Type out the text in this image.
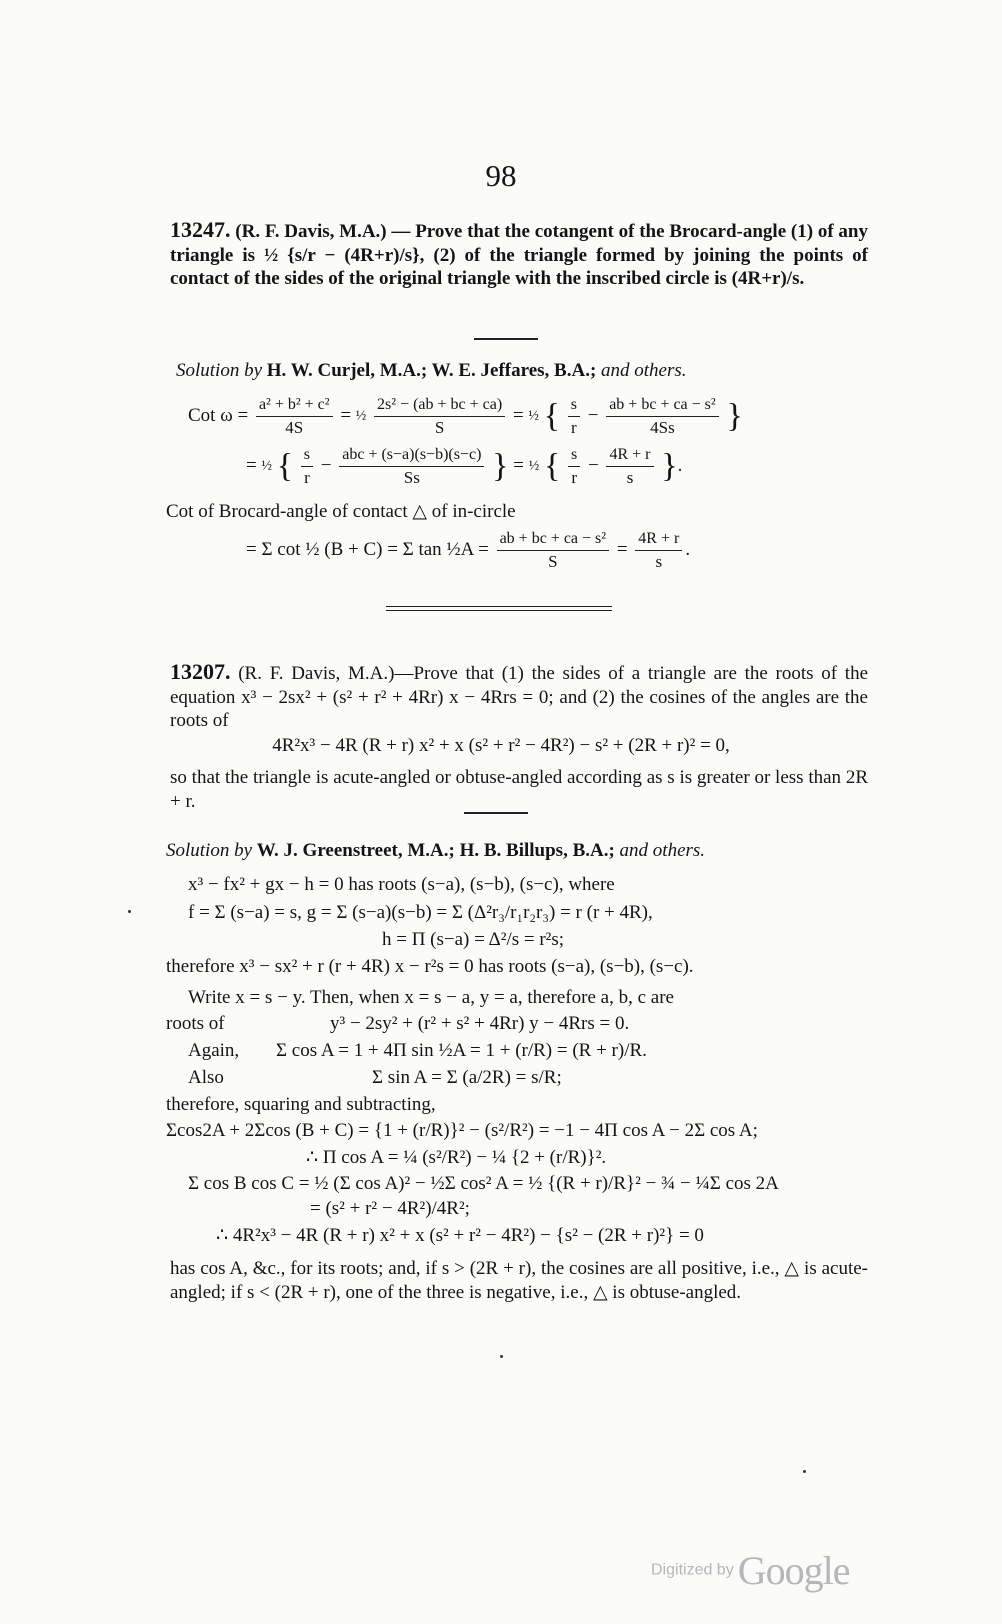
98
13247. (R. F. Davis, M.A.) — Prove that the cotangent of the Brocard-angle (1) of any triangle is ½ {s/r − (4R+r)/s}, (2) of the triangle formed by joining the points of contact of the sides of the original triangle with the inscribed circle is (4R+r)/s.
Solution by H. W. Curjel, M.A.; W. E. Jeffares, B.A.; and others.
Cot $\omega = \frac{\text{a² + b² + c²}}{4S}$ = ½ $\frac{\text{2s² − (ab + bc + ca)}}{S}$ = ½ { $\frac{s}{r} - \frac{\text{ab + bc + ca − s²}}{4Ss}$ }
= ½ { $\frac{s}{r}$ −
abc + (s−a)(s−b)(s−c)
Ss	} = ½ { $\frac{s}{r} - \frac{4R + r}{s}$ }.
Cot of Brocard-angle of contact △ of in-circle
= Σ cot ½ (B + C) = Σ tan ½A = $\frac{\text{ab + bc + ca − s²}}{S} = \frac{4R + r}{s}$ .
13207. (R. F. Davis, M.A.)—Prove that (1) the sides of a triangle are the roots of the equation x³ − 2sx² + (s² + r² + 4Rr) x − 4Rrs = 0; and (2) the cosines of the angles are the roots of
4R²x³ − 4R (R + r) x² + x (s² + r² − 4R²) − s² + (2R + r)² = 0,
so that the triangle is acute-angled or obtuse-angled according as s is greater or less than 2R + r.
Solution by W. J. Greenstreet, M.A.; H. B. Billups, B.A.; and others.
x³ − fx² + gx − h = 0 has roots (s−a), (s−b), (s−c), where
f = Σ (s−a) = s, g = Σ (s−a)(s−b) = Σ (Δ²r₃/r₁r₂r₃) = r (r + 4R),
h = Π (s−a) = Δ²/s = r²s;
therefore x³ − sx² + r (r + 4R) x − r²s = 0 has roots (s−a), (s−b), (s−c).
Write x = s − y. Then, when x = s − a, y = a, therefore a, b, c are
roots of	y³ − 2sy² + (r² + s² + 4Rr) y − 4Rrs = 0.
Again, Σ cos A = 1 + 4Π sin ½A = 1 + (r/R) = (R + r)/R.
Also	Σ sin A = Σ (a/2R) = s/R;
therefore, squaring and subtracting,
Σcos2A + 2Σcos (B + C) = {1 + (r/R)}² − (s²/R²) = −1 − 4Π cos A − 2Σ cos A;
∴ Π cos A = ¼ (s²/R²) − ¼ {2 + (r/R)}².
Σ cos B cos C = ½ (Σ cos A)² − ½Σ cos² A = ½ {(R + r)/R}² − ¾ − ¼Σ cos 2A
= (s² + r² − 4R²)/4R²;
∴ 4R²x³ − 4R (R + r) x² + x (s² + r² − 4R²) − {s² − (2R + r)²} = 0
has cos A, &c., for its roots; and, if s > (2R + r), the cosines are all positive, i.e., △ is acute-angled; if s < (2R + r), one of the three is negative, i.e., △ is obtuse-angled.
Digitized by Google
